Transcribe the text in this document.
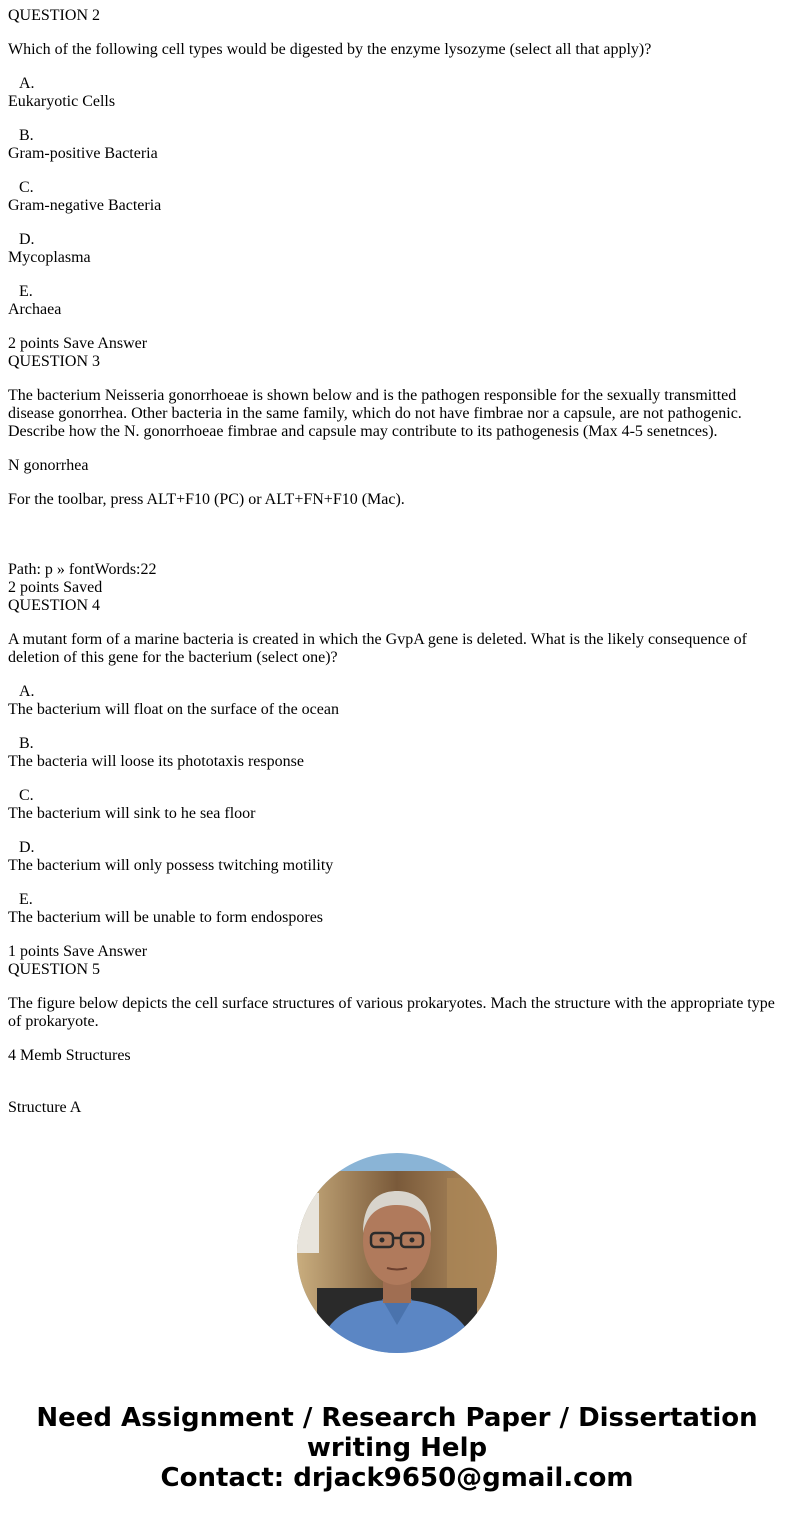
QUESTION 2

Which of the following cell types would be digested by the enzyme lysozyme (select all that apply)?

A.

Eukaryotic Cells

B.

Gram-positive Bacteria

C.

Gram-negative Bacteria

D.

Mycoplasma

E.

Archaea

2 points Save Answer

QUESTION 3

The bacterium Neisseria gonorrhoeae is shown below and is the pathogen responsible for the sexually transmitted disease gonorrhea. Other bacteria in the same family, which do not have fimbrae nor a capsule, are not pathogenic. Describe how the N. gonorrhoeae fimbrae and capsule may contribute to its pathogenesis (Max 4-5 senetnces).

N gonorrhea

For the toolbar, press ALT+F10 (PC) or ALT+FN+F10 (Mac).

Path: p » fontWords:22

2 points Saved

QUESTION 4

A mutant form of a marine bacteria is created in which the GvpA gene is deleted. What is the likely consequence of deletion of this gene for the bacterium (select one)?

A.

The bacterium will float on the surface of the ocean

B.

The bacteria will loose its phototaxis response

C.

The bacterium will sink to he sea floor

D.

The bacterium will only possess twitching motility

E.

The bacterium will be unable to form endospores

1 points Save Answer

QUESTION 5

The figure below depicts the cell surface structures of various prokaryotes. Mach the structure with the appropriate type of prokaryote.

4 Memb Structures

Structure A

Need Assignment / Research Paper / Dissertation
writing Help
Contact: drjack9650@gmail.com
